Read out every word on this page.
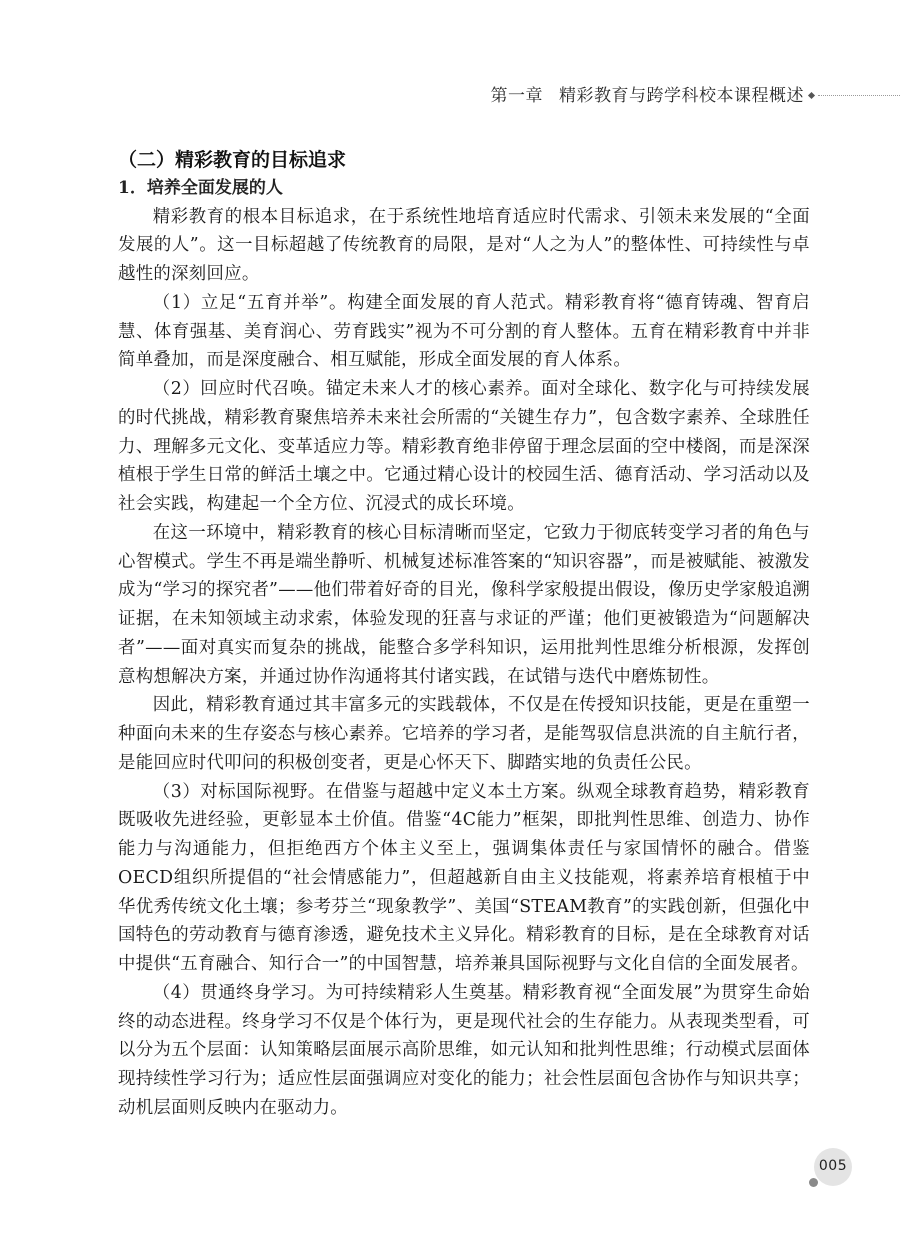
第一章 精彩教育与跨学科校本课程概述
（二）精彩教育的目标追求
1．培养全面发展的人

精彩教育的根本目标追求，在于系统性地培育适应时代需求、引领未来发展的“全面发展的人”。这一目标超越了传统教育的局限，是对“人之为人”的整体性、可持续性与卓越性的深刻回应。

（1）立足“五育并举”。构建全面发展的育人范式。精彩教育将“德育铸魂、智育启慧、体育强基、美育润心、劳育践实”视为不可分割的育人整体。五育在精彩教育中并非简单叠加，而是深度融合、相互赋能，形成全面发展的育人体系。

（2）回应时代召唤。锚定未来人才的核心素养。面对全球化、数字化与可持续发展的时代挑战，精彩教育聚焦培养未来社会所需的“关键生存力”，包含数字素养、全球胜任力、理解多元文化、变革适应力等。精彩教育绝非停留于理念层面的空中楼阁，而是深深植根于学生日常的鲜活土壤之中。它通过精心设计的校园生活、德育活动、学习活动以及社会实践，构建起一个全方位、沉浸式的成长环境。

在这一环境中，精彩教育的核心目标清晰而坚定，它致力于彻底转变学习者的角色与心智模式。学生不再是端坐静听、机械复述标准答案的“知识容器”，而是被赋能、被激发成为“学习的探究者”——他们带着好奇的目光，像科学家般提出假设，像历史学家般追溯证据，在未知领域主动求索，体验发现的狂喜与求证的严谨；他们更被锻造为“问题解决者”——面对真实而复杂的挑战，能整合多学科知识，运用批判性思维分析根源，发挥创意构想解决方案，并通过协作沟通将其付诸实践，在试错与迭代中磨炼韧性。

因此，精彩教育通过其丰富多元的实践载体，不仅是在传授知识技能，更是在重塑一种面向未来的生存姿态与核心素养。它培养的学习者，是能驾驭信息洪流的自主航行者，是能回应时代叩问的积极创变者，更是心怀天下、脚踏实地的负责任公民。

（3）对标国际视野。在借鉴与超越中定义本土方案。纵观全球教育趋势，精彩教育既吸收先进经验，更彰显本土价值。借鉴“4C能力”框架，即批判性思维、创造力、协作能力与沟通能力，但拒绝西方个体主义至上，强调集体责任与家国情怀的融合。借鉴OECD组织所提倡的“社会情感能力”，但超越新自由主义技能观，将素养培育根植于中华优秀传统文化土壤；参考芬兰“现象教学”、美国“STEAM教育”的实践创新，但强化中国特色的劳动教育与德育渗透，避免技术主义异化。精彩教育的目标，是在全球教育对话中提供“五育融合、知行合一”的中国智慧，培养兼具国际视野与文化自信的全面发展者。

（4）贯通终身学习。为可持续精彩人生奠基。精彩教育视“全面发展”为贯穿生命始终的动态进程。终身学习不仅是个体行为，更是现代社会的生存能力。从表现类型看，可以分为五个层面：认知策略层面展示高阶思维，如元认知和批判性思维；行动模式层面体现持续性学习行为；适应性层面强调应对变化的能力；社会性层面包含协作与知识共享；动机层面则反映内在驱动力。

005
